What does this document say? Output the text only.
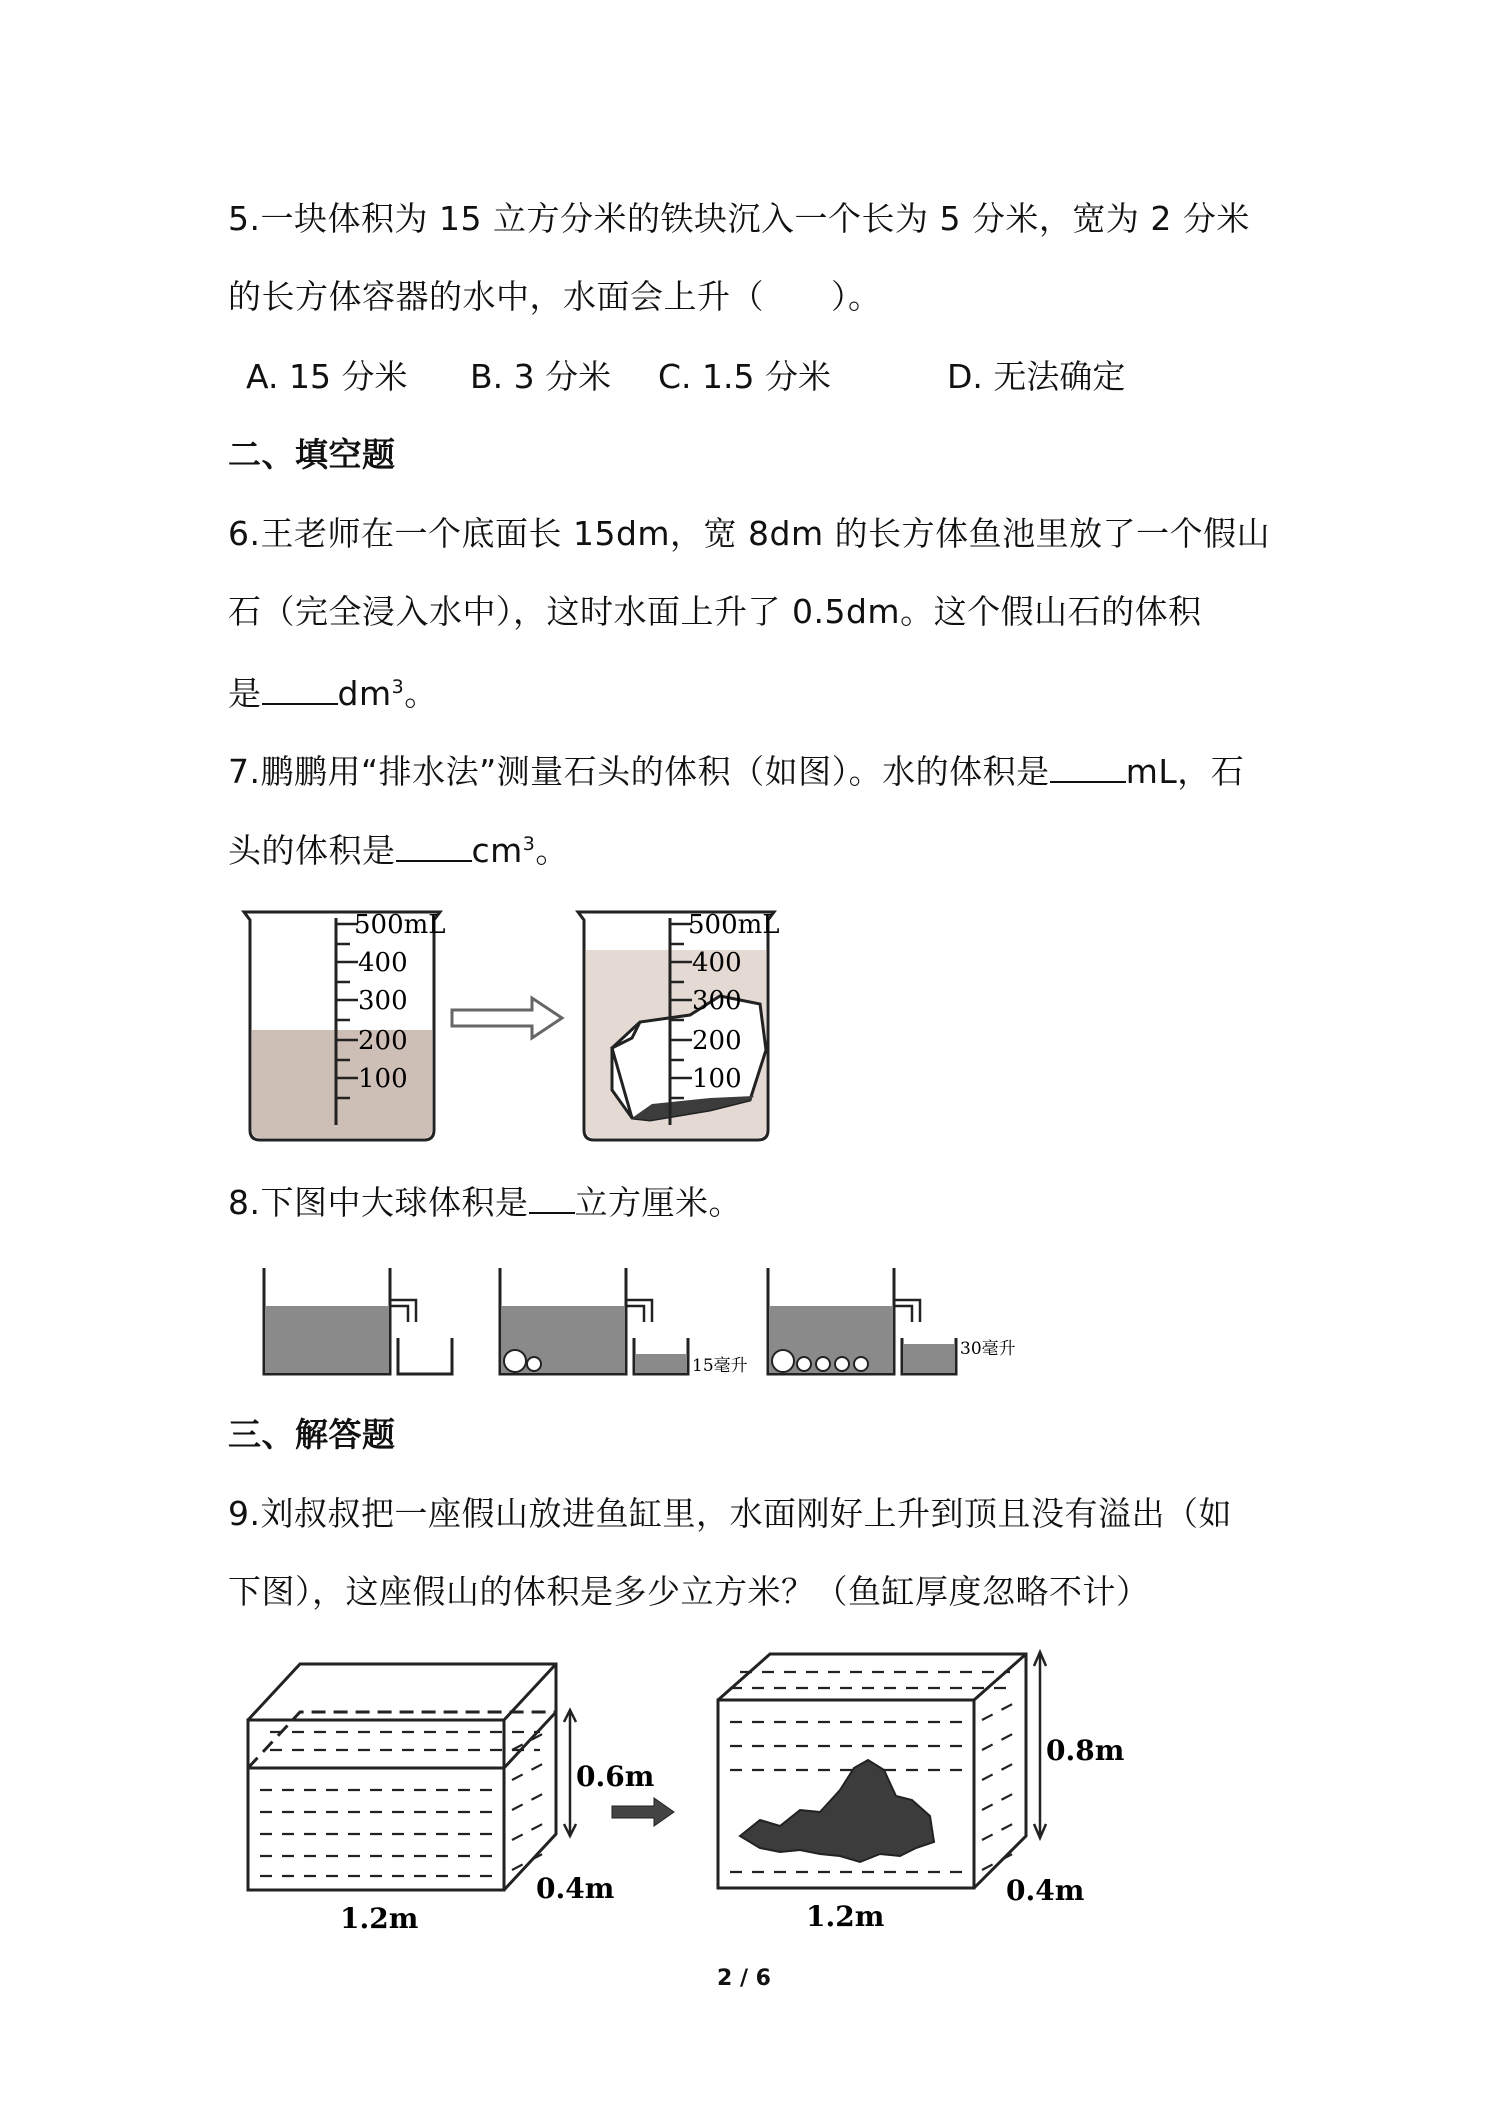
5.一块体积为 15 立方分米的铁块沉入一个长为 5 分米，宽为 2 分米
的长方体容器的水中，水面会上升（　　）。
A. 15 分米 B. 3 分米 C. 1.5 分米	D. 无法确定
二、填空题
6.王老师在一个底面长 15dm，宽 8dm 的长方体鱼池里放了一个假山
石（完全浸入水中），这时水面上升了 0.5dm。这个假山石的体积
是 $dm^3$。
7.鹏鹏用“排水法”测量石头的体积（如图）。水的体积是 mL，石
头的体积是 $cm^3$。
500mL
400
300
200
100
500mL
400
300
200
100
8.下图中大球体积是 立方厘米。
15毫升
30毫升
三、解答题
9.刘叔叔把一座假山放进鱼缸里，水面刚好上升到顶且没有溢出（如
下图），这座假山的体积是多少立方米？（鱼缸厚度忽略不计）
0.6m
0.4m
1.2m
0.8m
0.4m
1.2m
2 / 6
